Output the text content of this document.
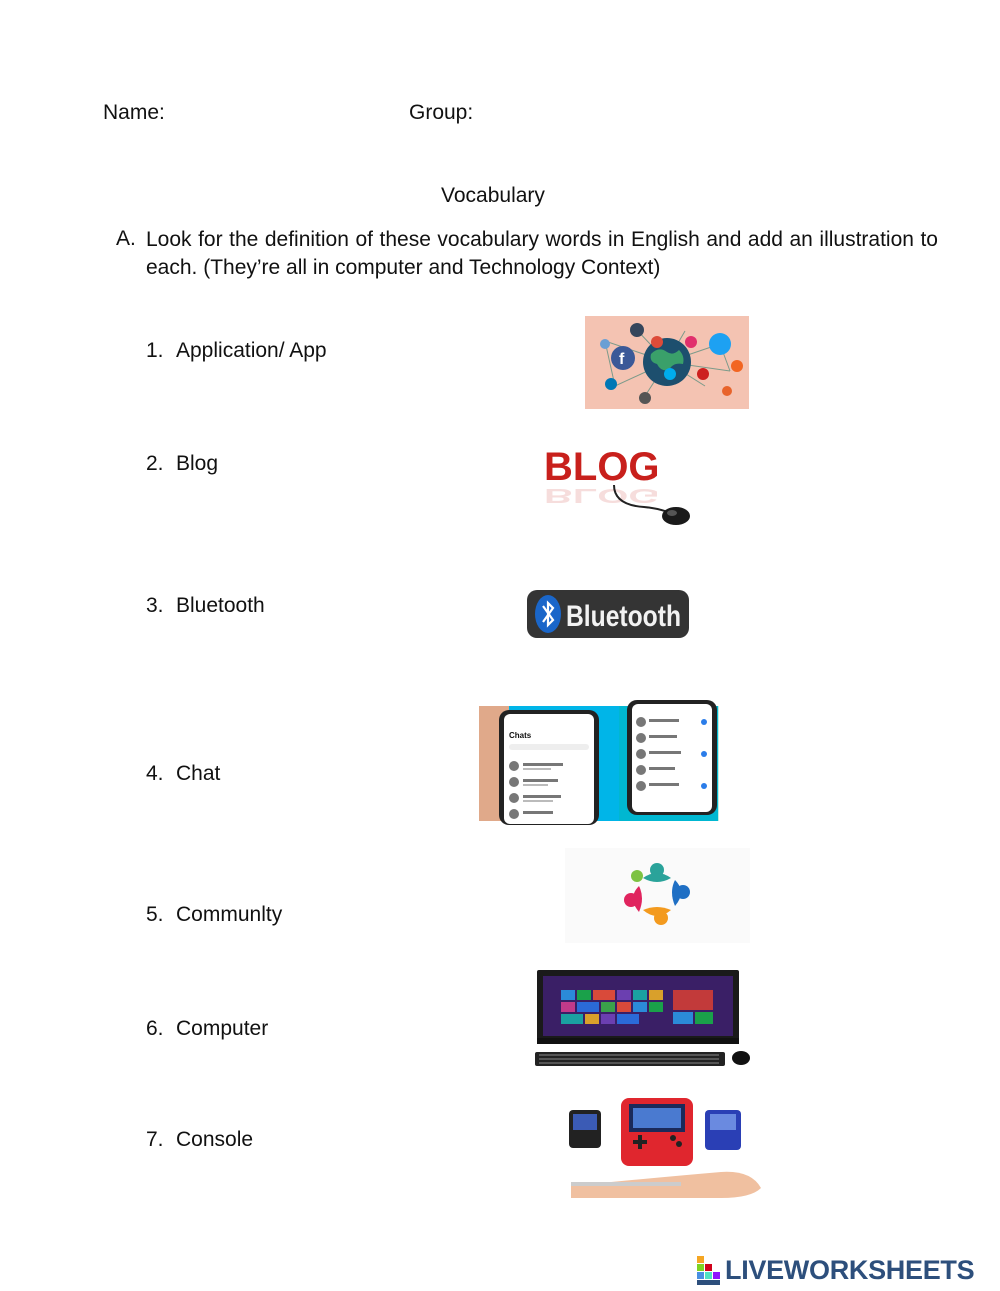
Name:	Group:
Vocabulary
A. Look for the definition of these vocabulary words in English and add an illustration to each. (They’re all in computer and Technology Context)
1. Application/ App
2. Blog
3. Bluetooth
4. Chat
5. Communlty
6. Computer
7. Console
f
BLOG
BLOG
Bluetooth
Chats
LIVEWORKSHEETS
